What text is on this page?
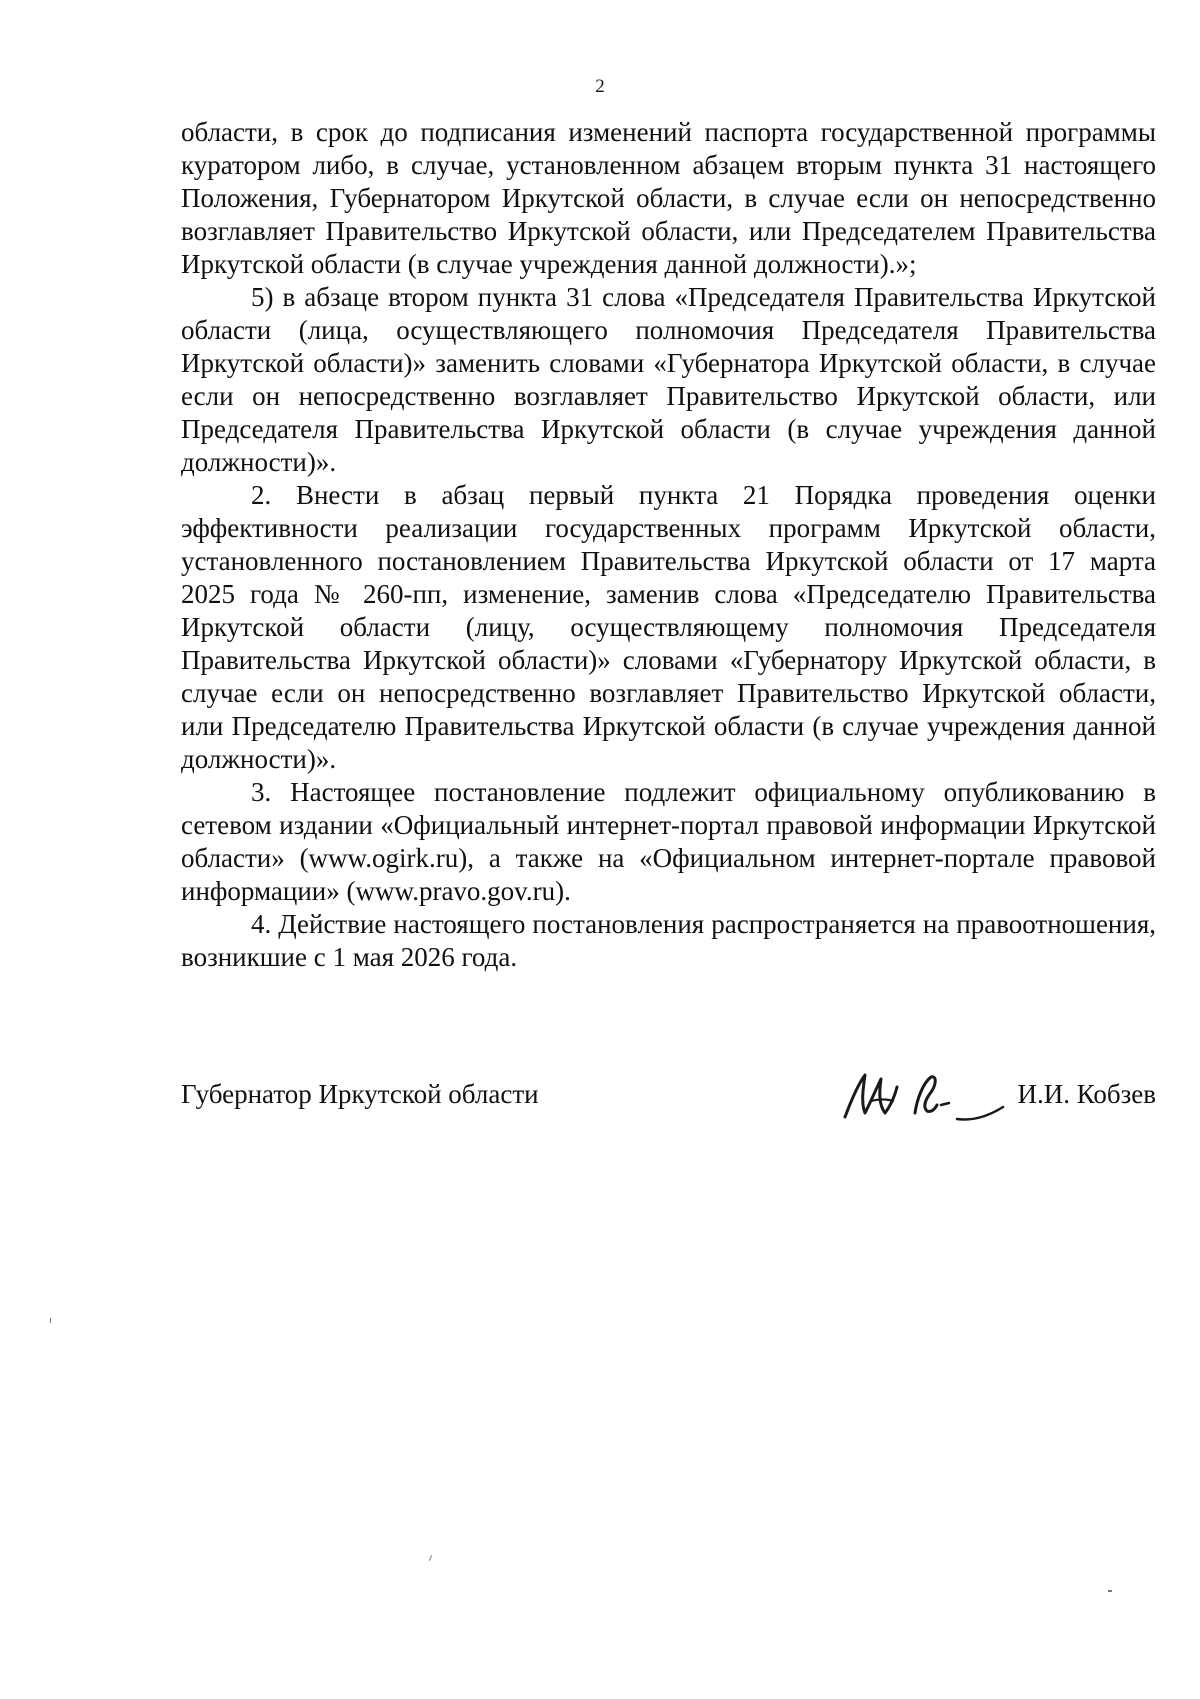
2

области, в срок до подписания изменений паспорта государственной программы куратором либо, в случае, установленном абзацем вторым пункта 31 настоящего Положения, Губернатором Иркутской области, в случае если он непосредственно возглавляет Правительство Иркутской области, или Председателем Правительства Иркутской области (в случае учреждения данной должности).»;

5) в абзаце втором пункта 31 слова «Председателя Правительства Иркутской области (лица, осуществляющего полномочия Председателя Правительства Иркутской области)» заменить словами «Губернатора Иркутской области, в случае если он непосредственно возглавляет Правительство Иркутской области, или Председателя Правительства Иркутской области (в случае учреждения данной должности)».

2. Внести в абзац первый пункта 21 Порядка проведения оценки эффективности реализации государственных программ Иркутской области, установленного постановлением Правительства Иркутской области от 17 марта 2025 года № 260-пп, изменение, заменив слова «Председателю Правительства Иркутской области (лицу, осуществляющему полномочия Председателя Правительства Иркутской области)» словами «Губернатору Иркутской области, в случае если он непосредственно возглавляет Правительство Иркутской области, или Председателю Правительства Иркутской области (в случае учреждения данной должности)».

3. Настоящее постановление подлежит официальному опубликованию в сетевом издании «Официальный интернет-портал правовой информации Иркутской области» (www.ogirk.ru), а также на «Официальном интернет-портале правовой информации» (www.pravo.gov.ru).

4. Действие настоящего постановления распространяется на правоотношения, возникшие с 1 мая 2026 года.

Губернатор Иркутской области	И.И. Кобзев
